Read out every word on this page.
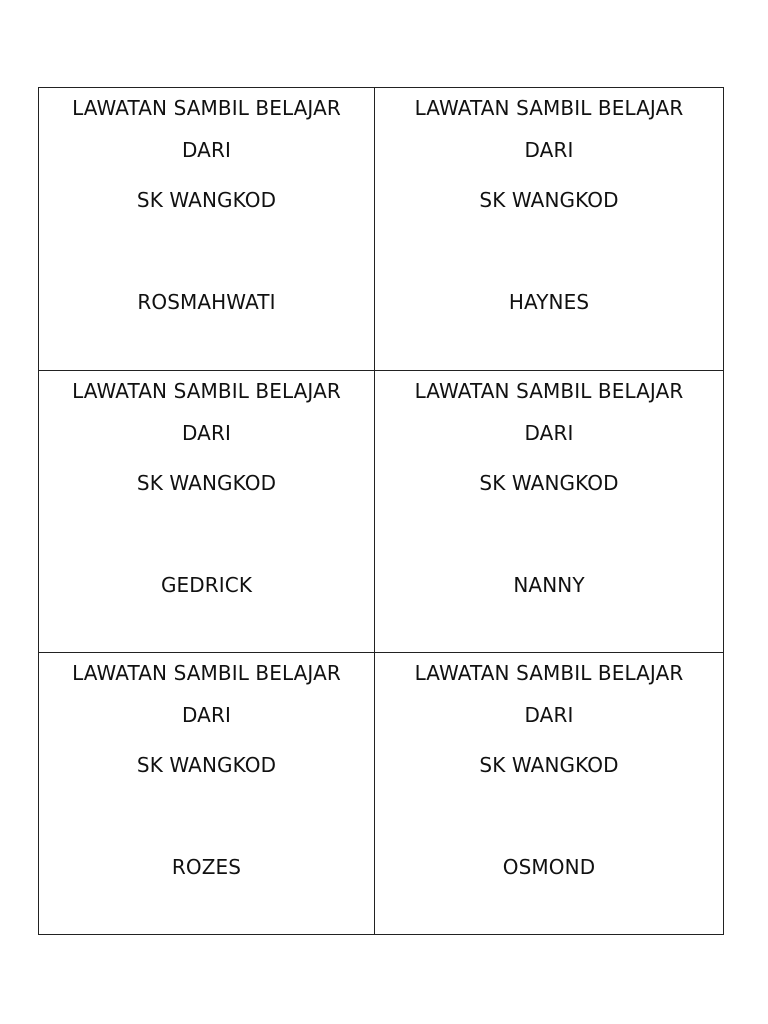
LAWATAN SAMBIL BELAJAR
DARI
SK WANGKOD
ROSMAHWATI
LAWATAN SAMBIL BELAJAR
DARI
SK WANGKOD
HAYNES
LAWATAN SAMBIL BELAJAR
DARI
SK WANGKOD
GEDRICK
LAWATAN SAMBIL BELAJAR
DARI
SK WANGKOD
NANNY
LAWATAN SAMBIL BELAJAR
DARI
SK WANGKOD
ROZES
LAWATAN SAMBIL BELAJAR
DARI
SK WANGKOD
OSMOND
